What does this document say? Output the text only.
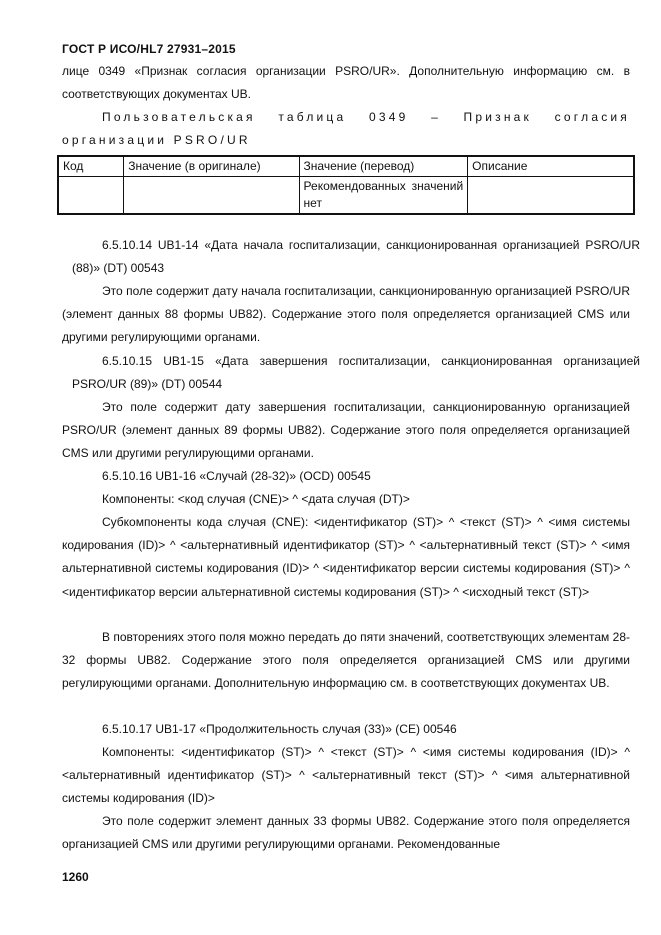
ГОСТ Р ИСО/HL7 27931–2015
лице 0349 «Признак согласия организации PSRO/UR». Дополнительную информацию см. в соответствующих документах UB.
Пользовательская таблица 0349 – Признак согласия организации PSRO/UR
Код	Значение (в оригинале)	Значение (перевод)	Описание
		Рекомендованных значений нет	
6.5.10.14 UB1-14 «Дата начала госпитализации, санкционированная организацией PSRO/UR (88)» (DT) 00543
Это поле содержит дату начала госпитализации, санкционированную организацией PSRO/UR (элемент данных 88 формы UB82). Содержание этого поля определяется организацией CMS или другими регулирующими органами.
6.5.10.15 UB1-15 «Дата завершения госпитализации, санкционированная организацией PSRO/UR (89)» (DT) 00544
Это поле содержит дату завершения госпитализации, санкционированную организацией PSRO/UR (элемент данных 89 формы UB82). Содержание этого поля определяется организацией CMS или другими регулирующими органами.
6.5.10.16 UB1-16 «Случай (28-32)» (OCD) 00545
Компоненты: <код случая (CNE)> ^ <дата случая (DT)>
Субкомпоненты кода случая (CNE): <идентификатор (ST)> ^ <текст (ST)> ^ <имя системы кодирования (ID)> ^ <альтернативный идентификатор (ST)> ^ <альтернативный текст (ST)> ^ <имя альтернативной системы кодирования (ID)> ^ <идентификатор версии системы кодирования (ST)> ^ <идентификатор версии альтернативной системы кодирования (ST)> ^ <исходный текст (ST)>
В повторениях этого поля можно передать до пяти значений, соответствующих элементам 28-32 формы UB82. Содержание этого поля определяется организацией CMS или другими регулирующими органами. Дополнительную информацию см. в соответствующих документах UB.
6.5.10.17 UB1-17 «Продолжительность случая (33)» (CE) 00546
Компоненты: <идентификатор (ST)> ^ <текст (ST)> ^ <имя системы кодирования (ID)> ^ <альтернативный идентификатор (ST)> ^ <альтернативный текст (ST)> ^ <имя альтернативной системы кодирования (ID)>
Это поле содержит элемент данных 33 формы UB82. Содержание этого поля определяется организацией CMS или другими регулирующими органами. Рекомендованные
1260
